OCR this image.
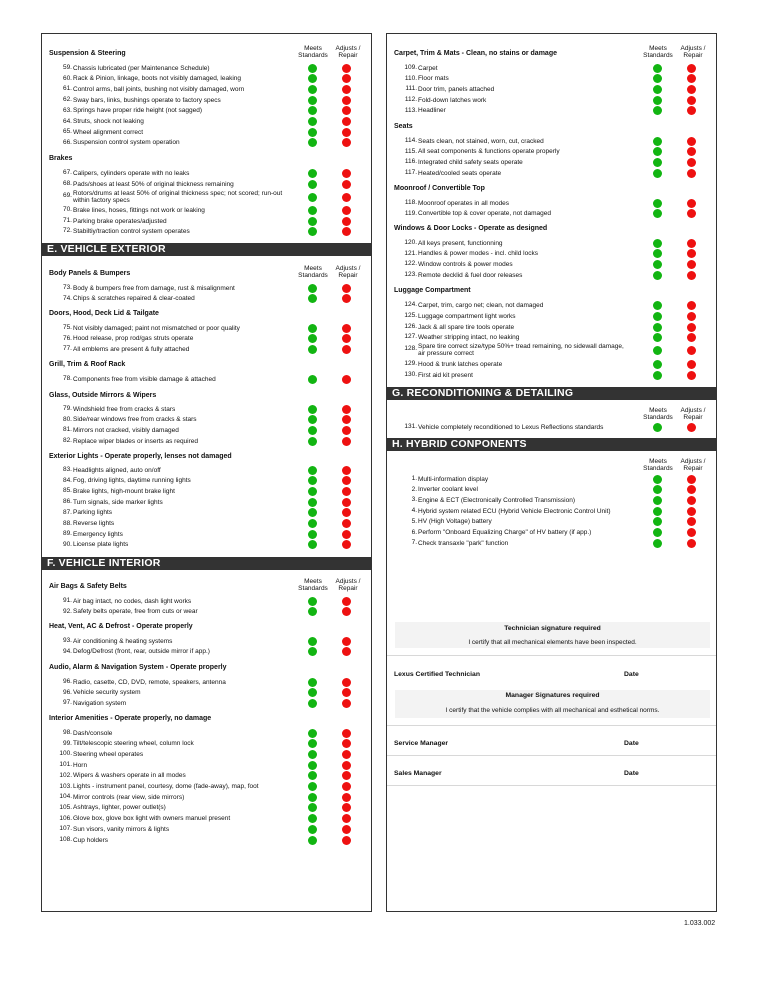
Suspension & Steering
Meets Standards
Adjusts / Repair
59. Chassis lubricated (per Maintenance Schedule)
60. Rack & Pinion, linkage, boots not visibly damaged, leaking
61. Control arms, ball joints, bushing not visibly damaged, worn
62. Sway bars, links, bushings operate to factory specs
63. Springs have proper ride height (not sagged)
64. Struts, shock not leaking
65. Wheel alignment correct
66. Suspension control system operation
Brakes
67. Calipers, cylinders operate with no leaks
68. Pads/shoes at least 50% of original thickness remaining
69. Rotors/drums at least 50% of original thickness spec; not scored; run-out within factory specs
70. Brake lines, hoses, fittings not work or leaking
71. Parking brake operates/adjusted
72. Stabiltiy/traction control system operates
E. VEHICLE EXTERIOR
Body Panels & Bumpers
Meets Standards
Adjusts / Repair
73. Body & bumpers free from damage, rust & misalignment
74. Chips & scratches repaired & clear-coated
Doors, Hood, Deck Lid & Tailgate
75. Not visibly damaged; paint not mismatched or poor quality
76. Hood release, prop rod/gas struts operate
77. All emblems are present & fully attached
Grill, Trim & Roof Rack
78. Components free from visible damage & attached
Glass, Outside Mirrors & Wipers
79. Windshield free from cracks & stars
80. Side/rear windows free from cracks & stars
81. Mirrors not cracked, visibly damaged
82. Replace wiper blades or inserts as required
Exterior Lights - Operate properly, lenses not damaged
83. Headlights aligned, auto on/off
84. Fog, driving lights, daytime running lights
85. Brake lights, high-mount brake light
86. Turn signals, side marker lights
87. Parking lights
88. Reverse lights
89. Emergency lights
90. License plate lights
F. VEHICLE INTERIOR
Air Bags & Safety Belts
Meets Standards
Adjusts / Repair
91. Air bag intact, no codes, dash light works
92. Safety belts operate, free from cuts or wear
Heat, Vent, AC & Defrost - Operate properly
93. Air conditioning & heating systems
94. Defog/Defrost (front, rear, outside mirror if app.)
Audio, Alarm & Navigation System - Operate properly
96. Radio, casette, CD, DVD, remote, speakers, antenna
96. Vehicle security system
97. Navigation system
Interior Amenities - Operate properly, no damage
98. Dash/console
99. Tilt/telescopic steering wheel, column lock
100. Steering wheel operates
101. Horn
102. Wipers & washers operate in all modes
103. Lights - instrument panel, courtesy, dome (fade-away), map, foot
104. Mirror controls (rear view, side mirrors)
105. Ashtrays, lighter, power outlet(s)
106. Glove box, glove box light with owners manuel present
107. Sun visors, vanity mirrors & lights
108. Cup holders
Carpet, Trim & Mats - Clean, no stains or damage
Meets Standards
Adjusts / Repair
109. Carpet
110. Floor mats
111. Door trim, panels attached
112. Fold-down latches work
113. Headliner
Seats
114. Seats clean, not stained, worn, cut, cracked
115. All seat components & functions operate properly
116. Integrated child safety seats operate
117. Heated/cooled seats operate
Moonroof / Convertible Top
118. Moonroof operates in all modes
119. Convertible top & cover operate, not damaged
Windows & Door Locks - Operate as designed
120. All keys present, functionning
121. Handles & power modes - incl. child locks
122. Window controls & power modes
123. Remote decklid & fuel door releases
Luggage Compartment
124. Carpet, trim, cargo net; clean, not damaged
125. Luggage compartment light works
126. Jack & all spare tire tools operate
127. Weather stripping intact, no leaking
128. Spare tire correct size/type 50%+ tread remaining, no sidewall damage, air pressure correct
129. Hood & trunk latches operate
130. First aid kit present
G. RECONDITIONING & DETAILING
Meets Standards
Adjusts / Repair
131. Vehicle completely reconditioned to Lexus Reflections standards
H. HYBRID CONPONENTS
Meets Standards
Adjusts / Repair
1. Multi-information display
2. Inverter coolant level
3. Engine & ECT (Electronically Controlled Transmission)
4. Hybrid system related ECU (Hybrid Vehicle Electronic Control Unit)
5. HV (High Voltage) battery
6. Perform "Onboard Equalizing Charge" of HV battery (if app.)
7. Check transaxle "park" function
Technician signature required
I certify that all mechanical elements have been inspected.
Lexus Certified Technician	Date
Manager Signatures required
I certify that the vehicle complies with all mechanical and esthetical norms.
Service Manager	Date
Sales Manager	Date
1.033.002
